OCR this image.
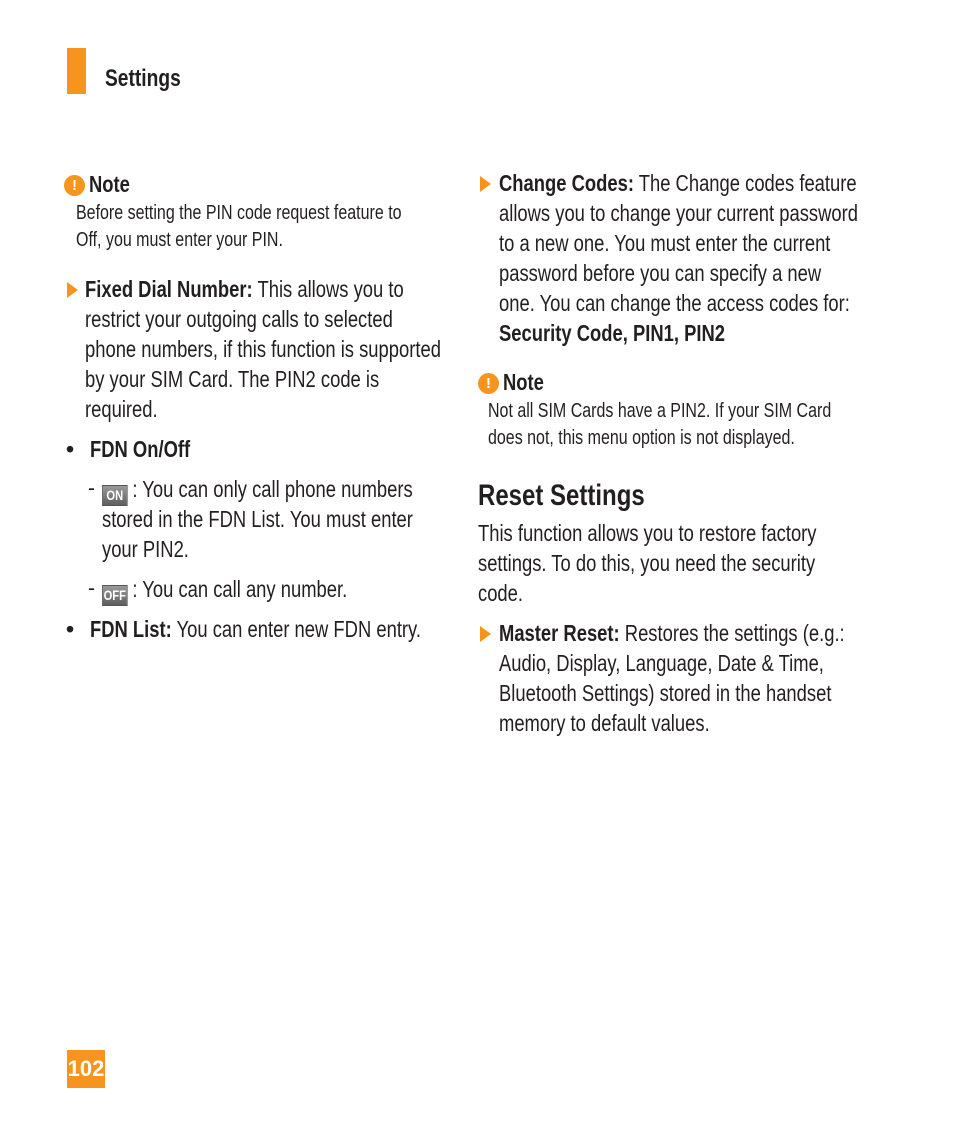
Settings
! Note
Before setting the PIN code request feature to
Off, you must enter your PIN.
Fixed Dial Number: This allows you to
restrict your outgoing calls to selected
phone numbers, if this function is supported
by your SIM Card. The PIN2 code is
required.
• FDN On/Off
- ON : You can only call phone numbers
stored in the FDN List. You must enter
your PIN2.
- OFF : You can call any number.
• FDN List: You can enter new FDN entry.
Change Codes: The Change codes feature
allows you to change your current password
to a new one. You must enter the current
password before you can specify a new
one. You can change the access codes for:
Security Code, PIN1, PIN2
! Note
Not all SIM Cards have a PIN2. If your SIM Card
does not, this menu option is not displayed.
Reset Settings
This function allows you to restore factory
settings. To do this, you need the security
code.
Master Reset: Restores the settings (e.g.:
Audio, Display, Language, Date & Time,
Bluetooth Settings) stored in the handset
memory to default values.
102
